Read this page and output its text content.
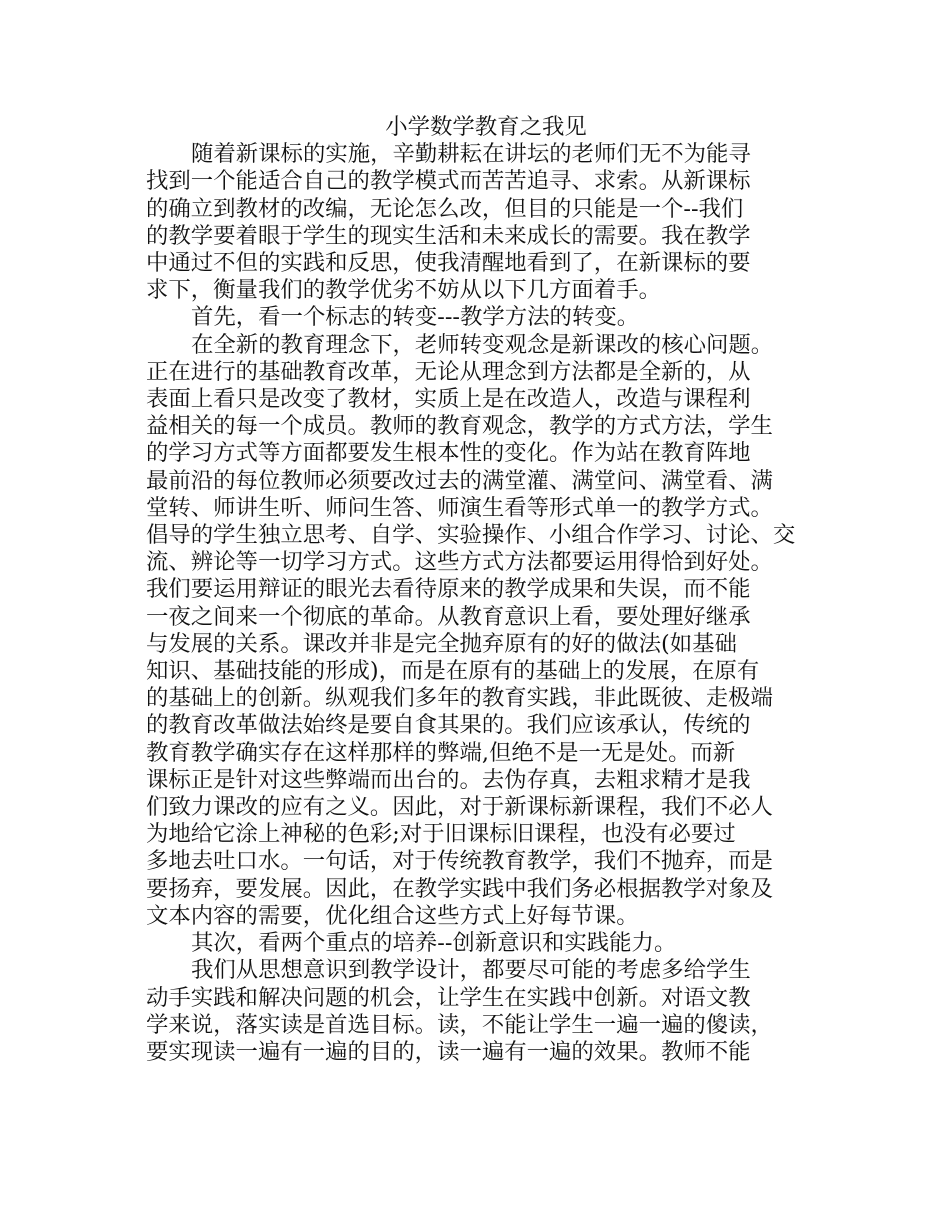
小学数学教育之我见
随着新课标的实施，辛勤耕耘在讲坛的老师们无不为能寻
找到一个能适合自己的教学模式而苦苦追寻、求索。从新课标
的确立到教材的改编，无论怎么改，但目的只能是一个--我们
的教学要着眼于学生的现实生活和未来成长的需要。我在教学
中通过不但的实践和反思，使我清醒地看到了，在新课标的要
求下，衡量我们的教学优劣不妨从以下几方面着手。
首先，看一个标志的转变---教学方法的转变。
在全新的教育理念下，老师转变观念是新课改的核心问题。
正在进行的基础教育改革，无论从理念到方法都是全新的，从
表面上看只是改变了教材，实质上是在改造人，改造与课程利
益相关的每一个成员。教师的教育观念，教学的方式方法，学生
的学习方式等方面都要发生根本性的变化。作为站在教育阵地
最前沿的每位教师必须要改过去的满堂灌、满堂问、满堂看、满
堂转、师讲生听、师问生答、师演生看等形式单一的教学方式。
倡导的学生独立思考、自学、实验操作、小组合作学习、讨论、交
流、辨论等一切学习方式。这些方式方法都要运用得恰到好处。
我们要运用辩证的眼光去看待原来的教学成果和失误，而不能
一夜之间来一个彻底的革命。从教育意识上看，要处理好继承
与发展的关系。课改并非是完全抛弃原有的好的做法(如基础
知识、基础技能的形成)，而是在原有的基础上的发展，在原有
的基础上的创新。纵观我们多年的教育实践，非此既彼、走极端
的教育改革做法始终是要自食其果的。我们应该承认，传统的
教育教学确实存在这样那样的弊端,但绝不是一无是处。而新
课标正是针对这些弊端而出台的。去伪存真，去粗求精才是我
们致力课改的应有之义。因此，对于新课标新课程，我们不必人
为地给它涂上神秘的色彩;对于旧课标旧课程，也没有必要过
多地去吐口水。一句话，对于传统教育教学，我们不抛弃，而是
要扬弃，要发展。因此，在教学实践中我们务必根据教学对象及
文本内容的需要，优化组合这些方式上好每节课。
其次，看两个重点的培养--创新意识和实践能力。
我们从思想意识到教学设计，都要尽可能的考虑多给学生
动手实践和解决问题的机会，让学生在实践中创新。对语文教
学来说，落实读是首选目标。读，不能让学生一遍一遍的傻读，
要实现读一遍有一遍的目的，读一遍有一遍的效果。教师不能
